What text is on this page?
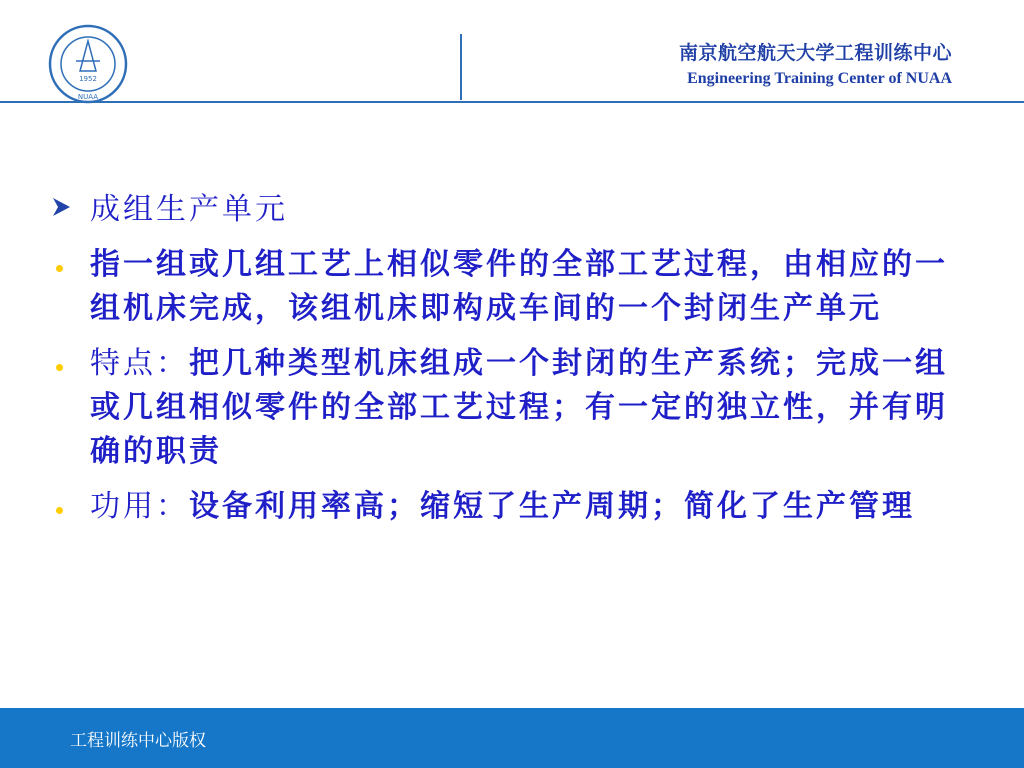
1952
NUAA
南京航空航天大学工程训练中心
Engineering Training Center of NUAA
成组生产单元
指一组或几组工艺上相似零件的全部工艺过程，由相应的一组机床完成，该组机床即构成车间的一个封闭生产单元
特点：把几种类型机床组成一个封闭的生产系统；完成一组或几组相似零件的全部工艺过程；有一定的独立性，并有明确的职责
功用：设备利用率高；缩短了生产周期；简化了生产管理
工程训练中心版权
